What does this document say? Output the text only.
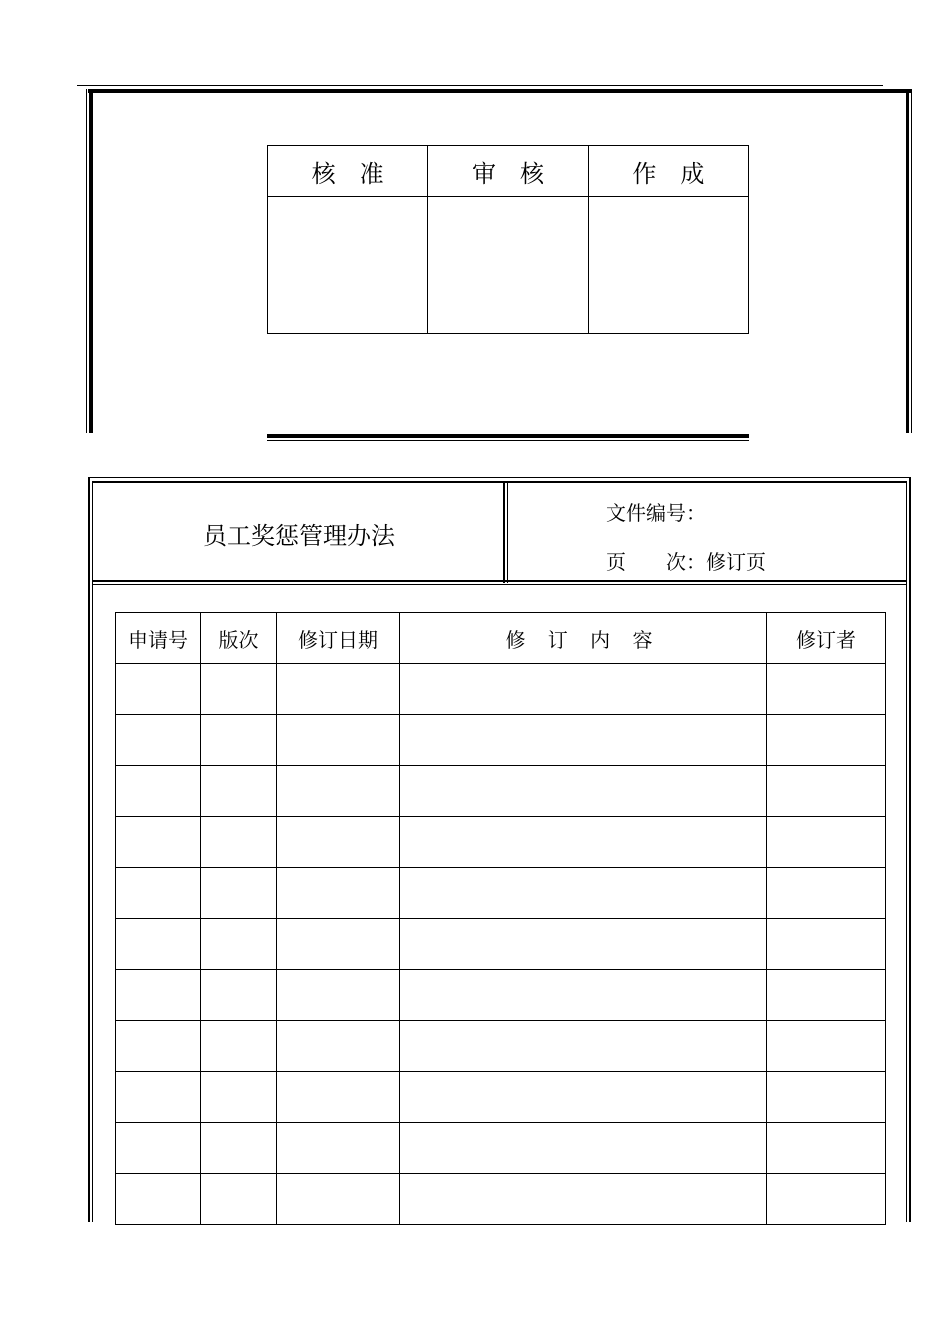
核　准	审　核	作　成

员工奖惩管理办法
文件编号：
页　　次：修订页
申请号	版次	修订日期	修 订 内 容	修订者
